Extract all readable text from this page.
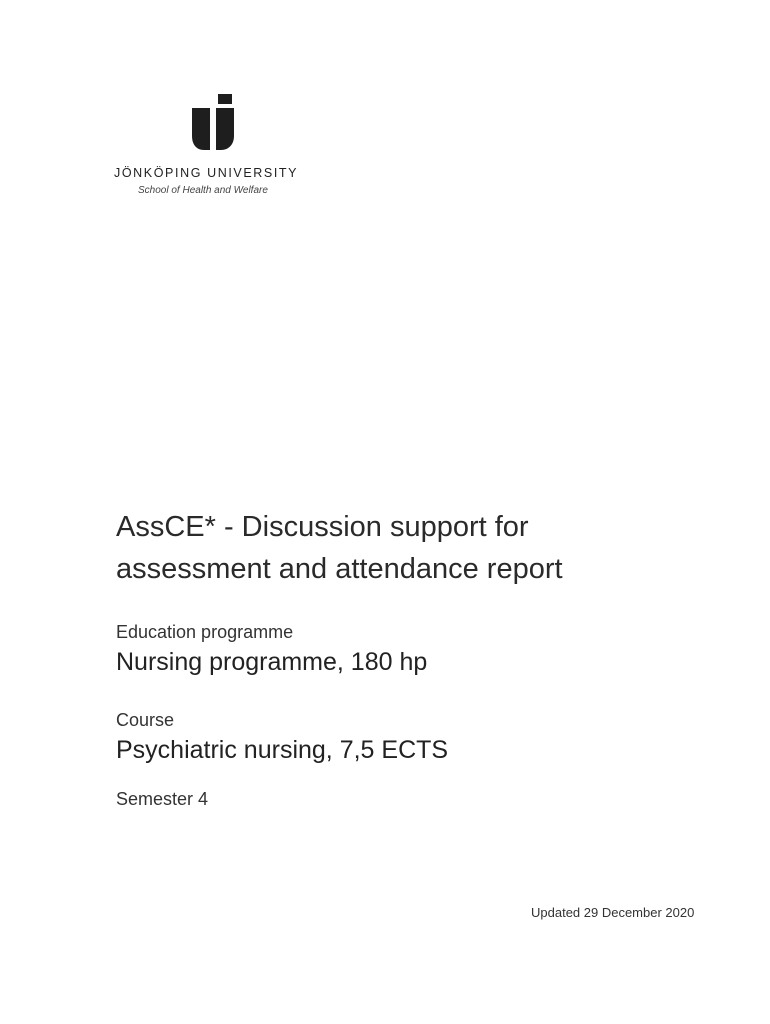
JÖNKÖPING UNIVERSITY
School of Health and Welfare
AssCE* - Discussion support for
assessment and attendance report
Education programme
Nursing programme, 180 hp
Course
Psychiatric nursing, 7,5 ECTS
Semester 4
Updated 29 December 2020
